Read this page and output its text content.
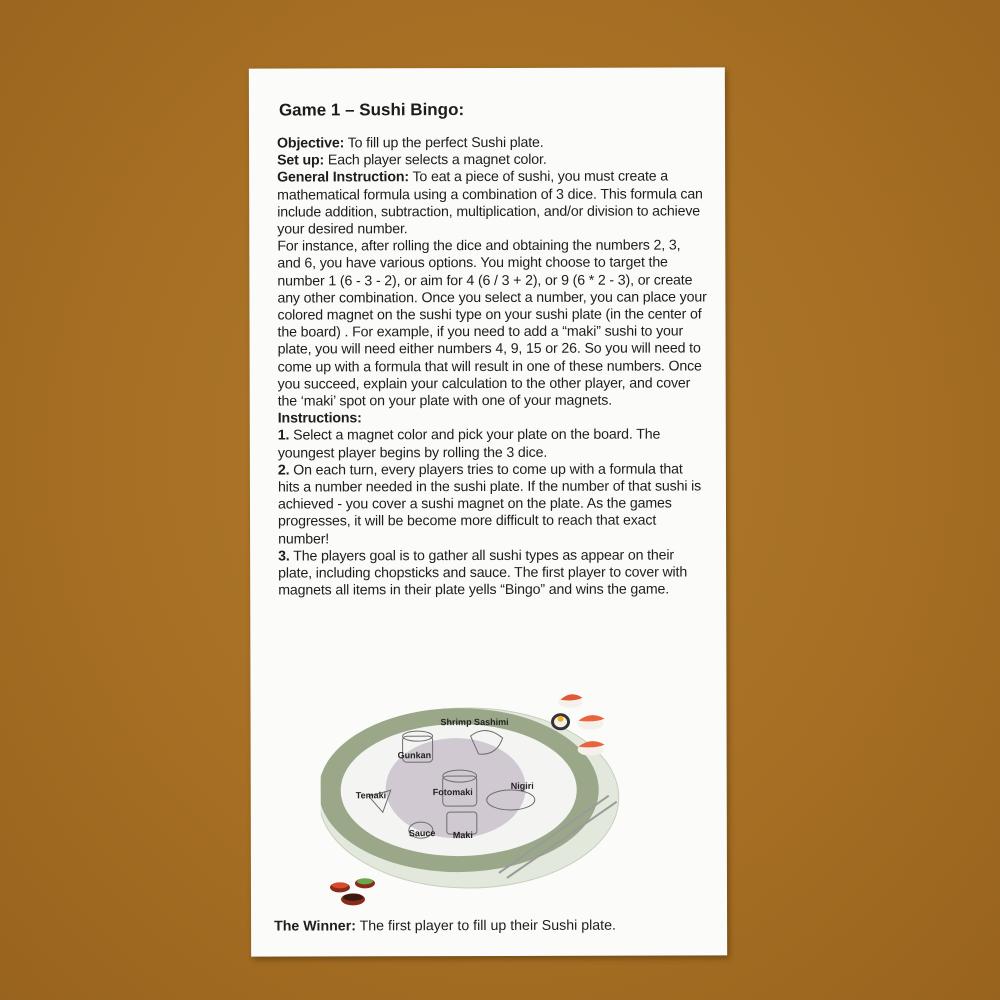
Game 1 – Sushi Bingo:

Objective: To fill up the perfect Sushi plate.

Set up: Each player selects a magnet color.

General Instruction: To eat a piece of sushi, you must create a mathematical formula using a combination of 3 dice. This formula can include addition, subtraction, multiplication, and/or division to achieve your desired number.

For instance, after rolling the dice and obtaining the numbers 2, 3, and 6, you have various options. You might choose to target the number 1 (6 - 3 - 2), or aim for 4 (6 / 3 + 2), or 9 (6 * 2 - 3), or create any other combination. Once you select a number, you can place your colored magnet on the sushi type on your sushi plate (in the center of the board) . For example, if you need to add a “maki” sushi to your plate, you will need either numbers 4, 9, 15 or 26. So you will need to come up with a formula that will result in one of these numbers. Once you succeed, explain your calculation to the other player, and cover the ‘maki’ spot on your plate with one of your magnets.

Instructions:

1. Select a magnet color and pick your plate on the board. The youngest player begins by rolling the 3 dice.

2. On each turn, every players tries to come up with a formula that hits a number needed in the sushi plate. If the number of that sushi is achieved - you cover a sushi magnet on the plate. As the games progresses, it will be become more difficult to reach that exact number!

3. The players goal is to gather all sushi types as appear on their plate, including chopsticks and sauce. The first player to cover with magnets all items in their plate yells “Bingo” and wins the game.

Shrimp Sashimi
Gunkan
Temaki	Fotomaki
Nigiri
Sauce Maki
The Winner: The first player to fill up their Sushi plate.
